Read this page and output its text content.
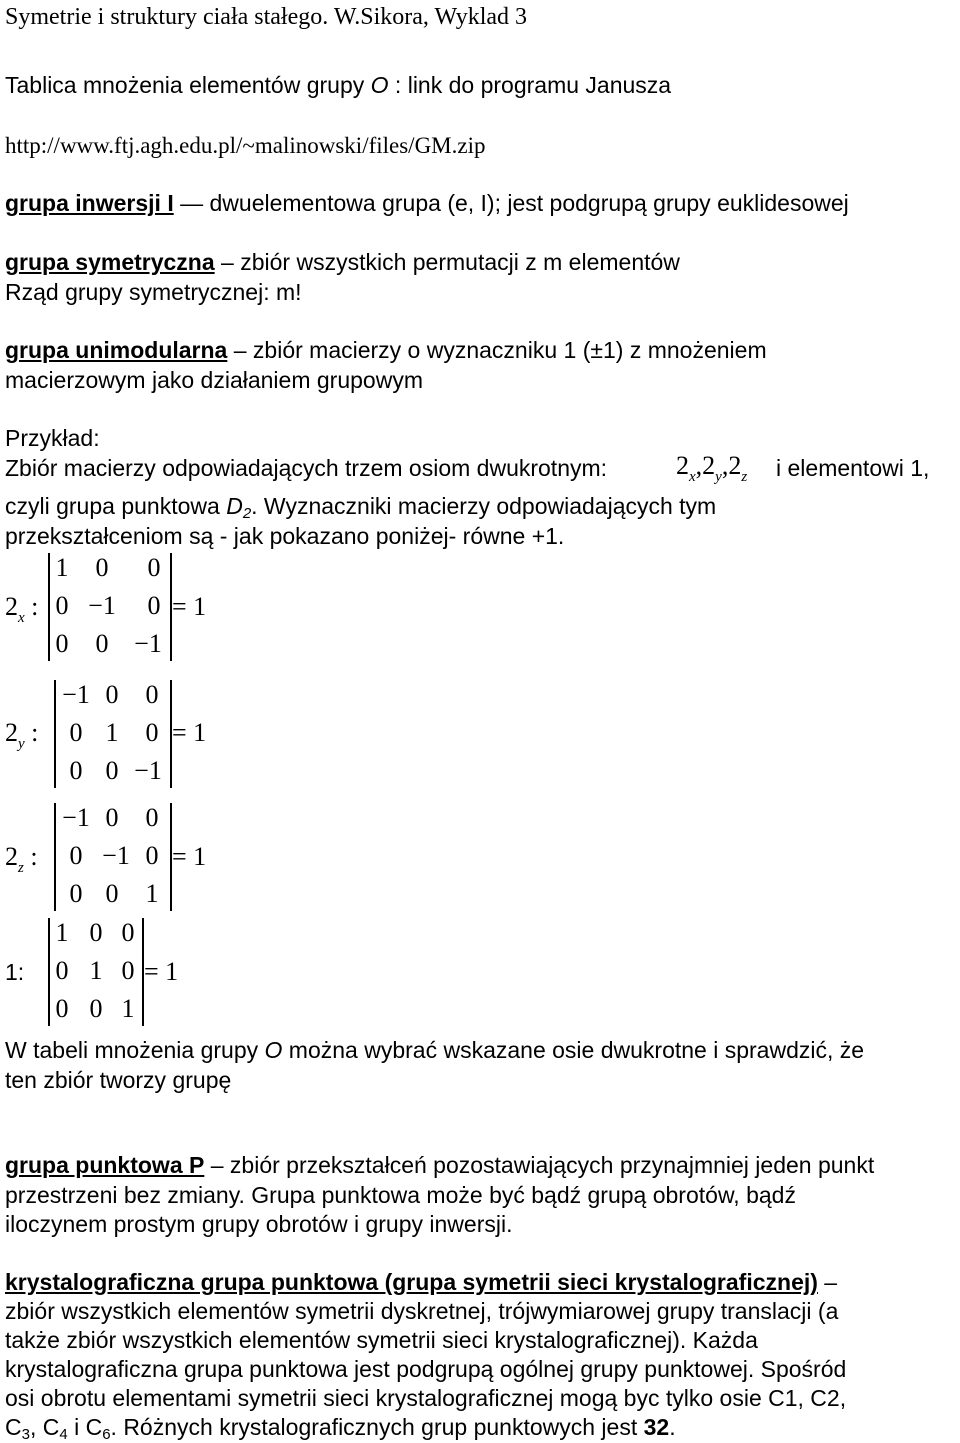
Symetrie i struktury ciała stałego. W.Sikora, Wyklad 3
Tablica mnożenia elementów grupy O : link do programu Janusza
http://www.ftj.agh.edu.pl/~malinowski/files/GM.zip
grupa inwersji I — dwuelementowa grupa (e, I); jest podgrupą grupy euklidesowej
grupa symetryczna – zbiór wszystkich permutacji z m elementów
Rząd grupy symetrycznej: m!
grupa unimodularna – zbiór macierzy o wyznaczniku 1 (±1) z mnożeniem
macierzowym jako działaniem grupowym
Przykład:
Zbiór macierzy odpowiadających trzem osiom dwukrotnym:	$2_x,2_y,2_z$ i elementowi 1,
czyli grupa punktowa D2. Wyznaczniki macierzy odpowiadających tym
przekształceniom są - jak pokazano poniżej- równe +1.
$2_x$ :
1	0	0
0 −1	0
0	0 −1
= 1
$2_y$ :
−1 0	0
0 1	0
0 0 −1
= 1
$2_z$ :
−1 0	0
0 −1 0
0 0	1
= 1
1:
1 0 0
0 1 0
0 0 1
= 1
W tabeli mnożenia grupy O można wybrać wskazane osie dwukrotne i sprawdzić, że
ten zbiór tworzy grupę
grupa punktowa P – zbiór przekształceń pozostawiających przynajmniej jeden punkt
przestrzeni bez zmiany. Grupa punktowa może być bądź grupą obrotów, bądź
iloczynem prostym grupy obrotów i grupy inwersji.
krystalograficzna grupa punktowa (grupa symetrii sieci krystalograficznej) –
zbiór wszystkich elementów symetrii dyskretnej, trójwymiarowej grupy translacji (a
także zbiór wszystkich elementów symetrii sieci krystalograficznej). Każda
krystalograficzna grupa punktowa jest podgrupą ogólnej grupy punktowej. Spośród
osi obrotu elementami symetrii sieci krystalograficznej mogą byc tylko osie C1, C2,
C3, C4 i C6. Różnych krystalograficznych grup punktowych jest 32.
